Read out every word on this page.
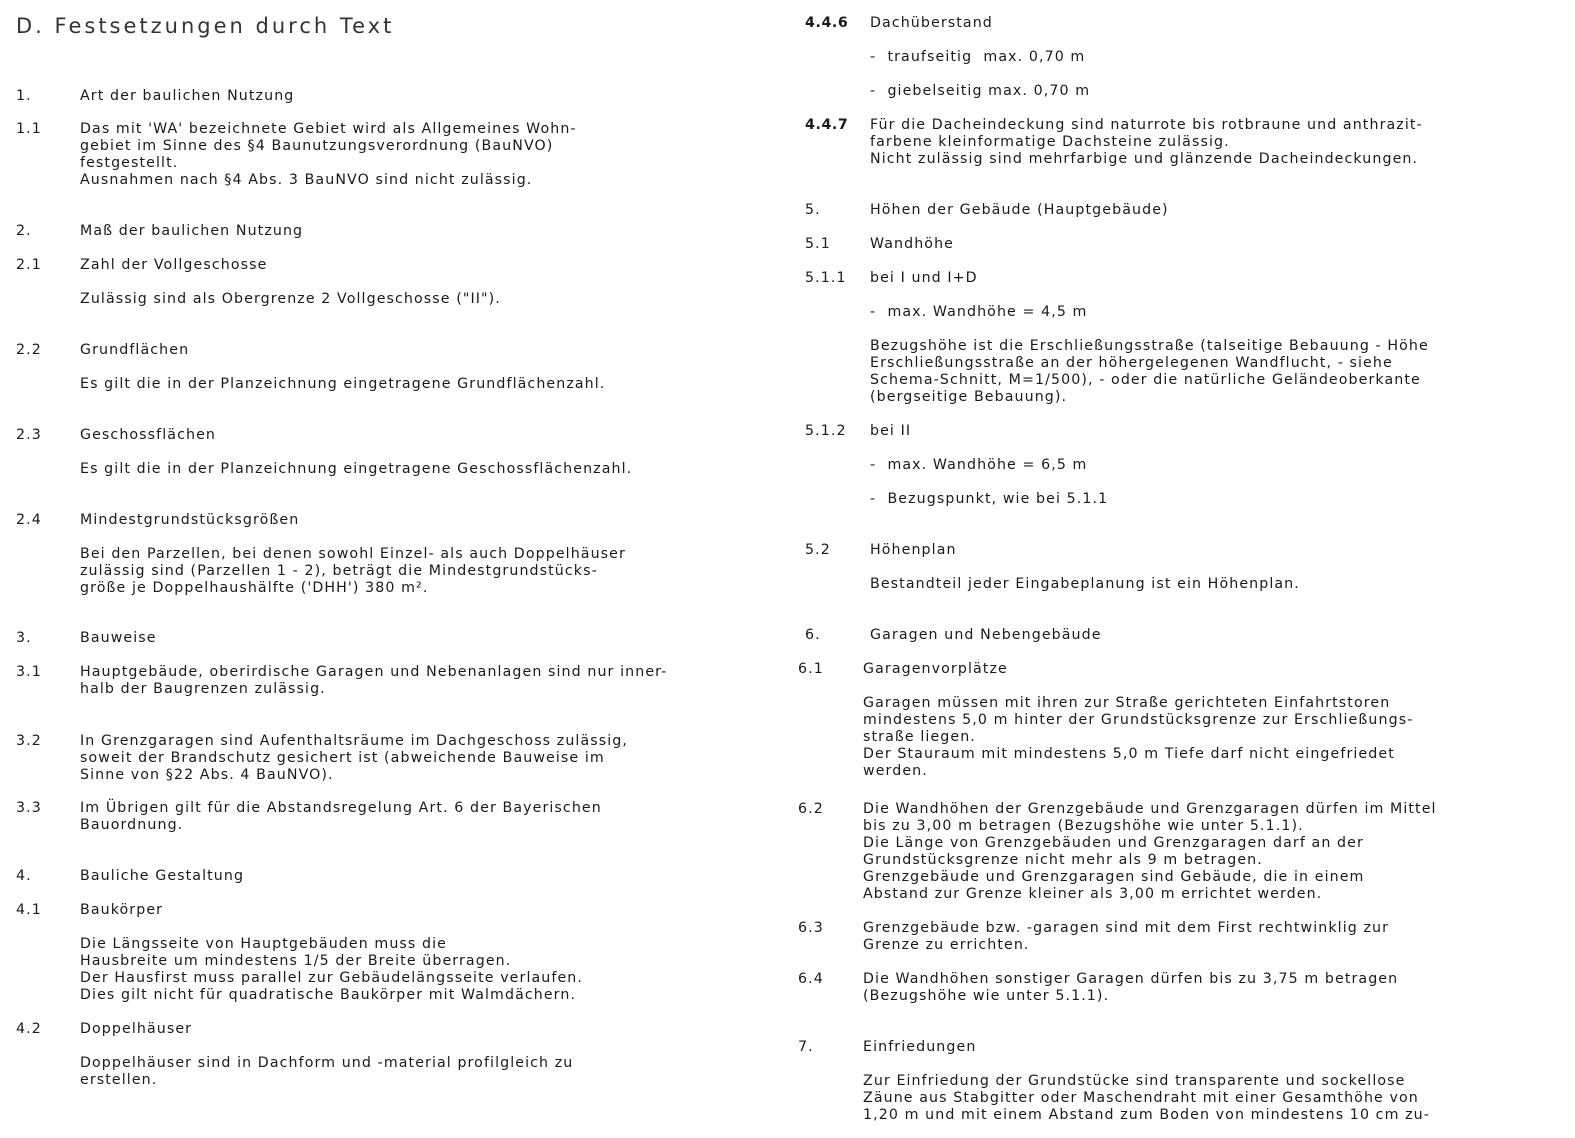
D. Festsetzungen durch Text
1.	Art der baulichen Nutzung
1.1	Das mit 'WA' bezeichnete Gebiet wird als Allgemeines Wohn-
gebiet im Sinne des §4 Baunutzungsverordnung (BauNVO)
festgestellt.
Ausnahmen nach §4 Abs. 3 BauNVO sind nicht zulässig.
2.	Maß der baulichen Nutzung
2.1	Zahl der Vollgeschosse
Zulässig sind als Obergrenze 2 Vollgeschosse ("II").
2.2	Grundflächen
Es gilt die in der Planzeichnung eingetragene Grundflächenzahl.
2.3	Geschossflächen
Es gilt die in der Planzeichnung eingetragene Geschossflächenzahl.
2.4	Mindestgrundstücksgrößen
Bei den Parzellen, bei denen sowohl Einzel- als auch Doppelhäuser
zulässig sind (Parzellen 1 - 2), beträgt die Mindestgrundstücks-
größe je Doppelhaushälfte ('DHH') 380 m².
3.	Bauweise
3.1	Hauptgebäude, oberirdische Garagen und Nebenanlagen sind nur inner-
halb der Baugrenzen zulässig.
3.2	In Grenzgaragen sind Aufenthaltsräume im Dachgeschoss zulässig,
soweit der Brandschutz gesichert ist (abweichende Bauweise im
Sinne von §22 Abs. 4 BauNVO).
3.3	Im Übrigen gilt für die Abstandsregelung Art. 6 der Bayerischen
Bauordnung.
4.	Bauliche Gestaltung
4.1	Baukörper
Die Längsseite von Hauptgebäuden muss die
Hausbreite um mindestens 1/5 der Breite überragen.
Der Hausfirst muss parallel zur Gebäudelängsseite verlaufen.
Dies gilt nicht für quadratische Baukörper mit Walmdächern.
4.2	Doppelhäuser
Doppelhäuser sind in Dachform und -material profilgleich zu
erstellen.
4.4.6 Dachüberstand
-  traufseitig  max. 0,70 m
-  giebelseitig max. 0,70 m
4.4.7 Für die Dacheindeckung sind naturrote bis rotbraune und anthrazit-
farbene kleinformatige Dachsteine zulässig.
Nicht zulässig sind mehrfarbige und glänzende Dacheindeckungen.
5.	Höhen der Gebäude (Hauptgebäude)
5.1	Wandhöhe
5.1.1 bei I und I+D
-  max. Wandhöhe = 4,5 m
Bezugshöhe ist die Erschließungsstraße (talseitige Bebauung - Höhe
Erschließungsstraße an der höhergelegenen Wandflucht, - siehe
Schema-Schnitt, M=1/500), - oder die natürliche Geländeoberkante
(bergseitige Bebauung).
5.1.2 bei II
-  max. Wandhöhe = 6,5 m
-  Bezugspunkt, wie bei 5.1.1
5.2	Höhenplan
Bestandteil jeder Eingabeplanung ist ein Höhenplan.
6.	Garagen und Nebengebäude
6.1	Garagenvorplätze
Garagen müssen mit ihren zur Straße gerichteten Einfahrtstoren
mindestens 5,0 m hinter der Grundstücksgrenze zur Erschließungs-
straße liegen.
Der Stauraum mit mindestens 5,0 m Tiefe darf nicht eingefriedet
werden.
6.2	Die Wandhöhen der Grenzgebäude und Grenzgaragen dürfen im Mittel
bis zu 3,00 m betragen (Bezugshöhe wie unter 5.1.1).
Die Länge von Grenzgebäuden und Grenzgaragen darf an der
Grundstücksgrenze nicht mehr als 9 m betragen.
Grenzgebäude und Grenzgaragen sind Gebäude, die in einem
Abstand zur Grenze kleiner als 3,00 m errichtet werden.
6.3	Grenzgebäude bzw. -garagen sind mit dem First rechtwinklig zur
Grenze zu errichten.
6.4	Die Wandhöhen sonstiger Garagen dürfen bis zu 3,75 m betragen
(Bezugshöhe wie unter 5.1.1).
7.	Einfriedungen
Zur Einfriedung der Grundstücke sind transparente und sockellose
Zäune aus Stabgitter oder Maschendraht mit einer Gesamthöhe von
1,20 m und mit einem Abstand zum Boden von mindestens 10 cm zu-
